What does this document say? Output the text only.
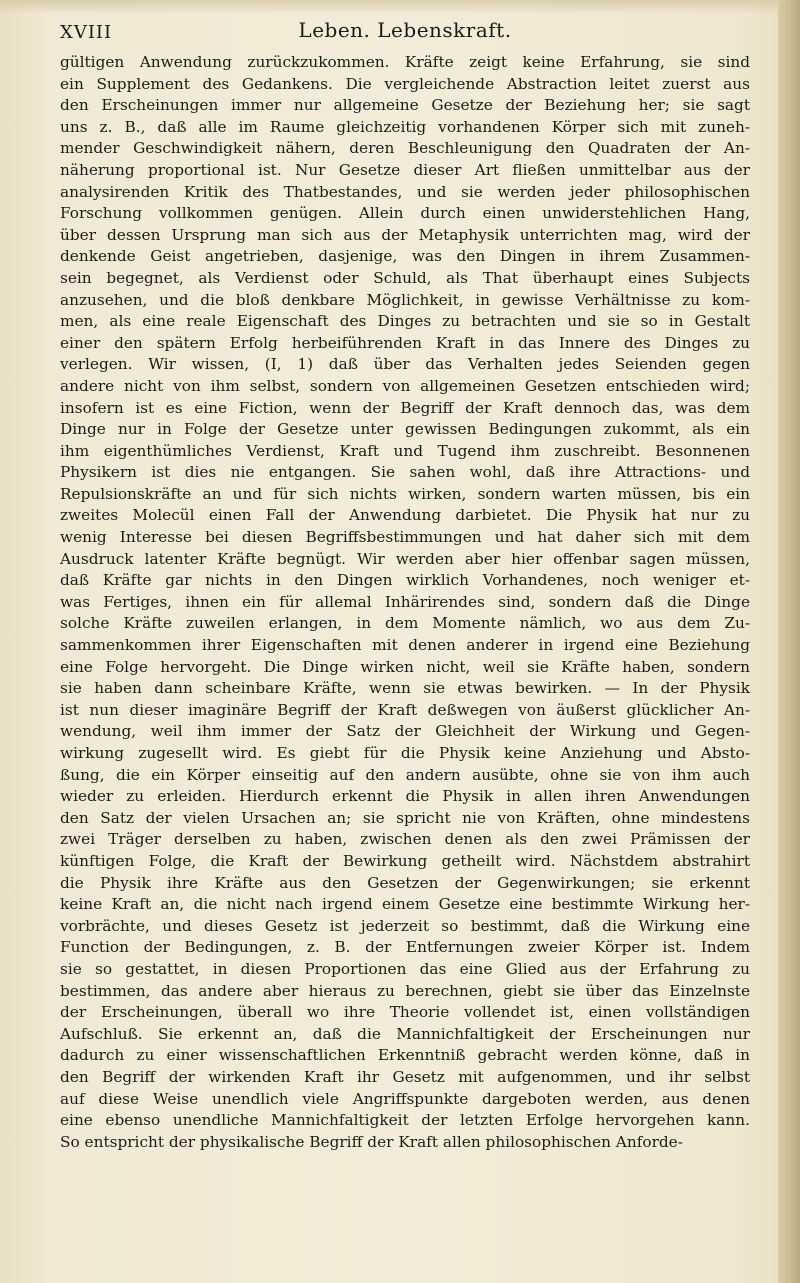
XVIII	Leben. Lebenskraft.
gültigen Anwendung zurückzukommen. Kräfte zeigt keine Erfahrung, sie sind
ein Supplement des Gedankens. Die vergleichende Abstraction leitet zuerst aus
den Erscheinungen immer nur allgemeine Gesetze der Beziehung her; sie sagt
uns z. B., daß alle im Raume gleichzeitig vorhandenen Körper sich mit zuneh-
mender Geschwindigkeit nähern, deren Beschleunigung den Quadraten der An-
näherung proportional ist. Nur Gesetze dieser Art fließen unmittelbar aus der
analysirenden Kritik des Thatbestandes, und sie werden jeder philosophischen
Forschung vollkommen genügen. Allein durch einen unwiderstehlichen Hang,
über dessen Ursprung man sich aus der Metaphysik unterrichten mag, wird der
denkende Geist angetrieben, dasjenige, was den Dingen in ihrem Zusammen-
sein begegnet, als Verdienst oder Schuld, als That überhaupt eines Subjects
anzusehen, und die bloß denkbare Möglichkeit, in gewisse Verhältnisse zu kom-
men, als eine reale Eigenschaft des Dinges zu betrachten und sie so in Gestalt
einer den spätern Erfolg herbeiführenden Kraft in das Innere des Dinges zu
verlegen. Wir wissen, (I, 1) daß über das Verhalten jedes Seienden gegen
andere nicht von ihm selbst, sondern von allgemeinen Gesetzen entschieden wird;
insofern ist es eine Fiction, wenn der Begriff der Kraft dennoch das, was dem
Dinge nur in Folge der Gesetze unter gewissen Bedingungen zukommt, als ein
ihm eigenthümliches Verdienst, Kraft und Tugend ihm zuschreibt. Besonnenen
Physikern ist dies nie entgangen. Sie sahen wohl, daß ihre Attractions- und
Repulsionskräfte an und für sich nichts wirken, sondern warten müssen, bis ein
zweites Molecül einen Fall der Anwendung darbietet. Die Physik hat nur zu
wenig Interesse bei diesen Begriffsbestimmungen und hat daher sich mit dem
Ausdruck latenter Kräfte begnügt. Wir werden aber hier offenbar sagen müssen,
daß Kräfte gar nichts in den Dingen wirklich Vorhandenes, noch weniger et-
was Fertiges, ihnen ein für allemal Inhärirendes sind, sondern daß die Dinge
solche Kräfte zuweilen erlangen, in dem Momente nämlich, wo aus dem Zu-
sammenkommen ihrer Eigenschaften mit denen anderer in irgend eine Beziehung
eine Folge hervorgeht. Die Dinge wirken nicht, weil sie Kräfte haben, sondern
sie haben dann scheinbare Kräfte, wenn sie etwas bewirken. — In der Physik
ist nun dieser imaginäre Begriff der Kraft deßwegen von äußerst glücklicher An-
wendung, weil ihm immer der Satz der Gleichheit der Wirkung und Gegen-
wirkung zugesellt wird. Es giebt für die Physik keine Anziehung und Absto-
ßung, die ein Körper einseitig auf den andern ausübte, ohne sie von ihm auch
wieder zu erleiden. Hierdurch erkennt die Physik in allen ihren Anwendungen
den Satz der vielen Ursachen an; sie spricht nie von Kräften, ohne mindestens
zwei Träger derselben zu haben, zwischen denen als den zwei Prämissen der
künftigen Folge, die Kraft der Bewirkung getheilt wird. Nächstdem abstrahirt
die Physik ihre Kräfte aus den Gesetzen der Gegenwirkungen; sie erkennt
keine Kraft an, die nicht nach irgend einem Gesetze eine bestimmte Wirkung her-
vorbrächte, und dieses Gesetz ist jederzeit so bestimmt, daß die Wirkung eine
Function der Bedingungen, z. B. der Entfernungen zweier Körper ist. Indem
sie so gestattet, in diesen Proportionen das eine Glied aus der Erfahrung zu
bestimmen, das andere aber hieraus zu berechnen, giebt sie über das Einzelnste
der Erscheinungen, überall wo ihre Theorie vollendet ist, einen vollständigen
Aufschluß. Sie erkennt an, daß die Mannichfaltigkeit der Erscheinungen nur
dadurch zu einer wissenschaftlichen Erkenntniß gebracht werden könne, daß in
den Begriff der wirkenden Kraft ihr Gesetz mit aufgenommen, und ihr selbst
auf diese Weise unendlich viele Angriffspunkte dargeboten werden, aus denen
eine ebenso unendliche Mannichfaltigkeit der letzten Erfolge hervorgehen kann.
So entspricht der physikalische Begriff der Kraft allen philosophischen Anforde-
